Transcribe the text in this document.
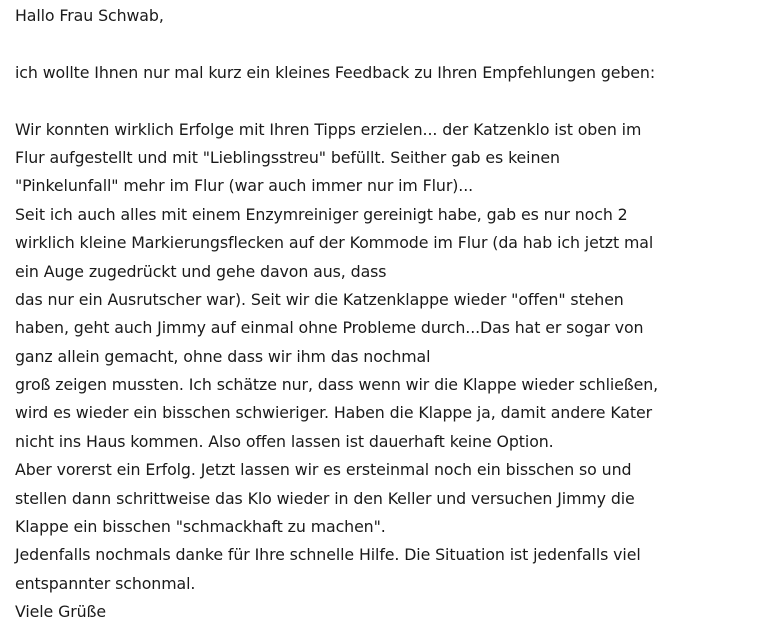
Hallo Frau Schwab,
ich wollte Ihnen nur mal kurz ein kleines Feedback zu Ihren Empfehlungen geben:
Wir konnten wirklich Erfolge mit Ihren Tipps erzielen... der Katzenklo ist oben im
Flur aufgestellt und mit "Lieblingsstreu" befüllt. Seither gab es keinen
"Pinkelunfall" mehr im Flur (war auch immer nur im Flur)...
Seit ich auch alles mit einem Enzymreiniger gereinigt habe, gab es nur noch 2
wirklich kleine Markierungsflecken auf der Kommode im Flur (da hab ich jetzt mal
ein Auge zugedrückt und gehe davon aus, dass
das nur ein Ausrutscher war). Seit wir die Katzenklappe wieder "offen" stehen
haben, geht auch Jimmy auf einmal ohne Probleme durch...Das hat er sogar von
ganz allein gemacht, ohne dass wir ihm das nochmal
groß zeigen mussten. Ich schätze nur, dass wenn wir die Klappe wieder schließen,
wird es wieder ein bisschen schwieriger. Haben die Klappe ja, damit andere Kater
nicht ins Haus kommen. Also offen lassen ist dauerhaft keine Option.
Aber vorerst ein Erfolg. Jetzt lassen wir es ersteinmal noch ein bisschen so und
stellen dann schrittweise das Klo wieder in den Keller und versuchen Jimmy die
Klappe ein bisschen "schmackhaft zu machen".
Jedenfalls nochmals danke für Ihre schnelle Hilfe. Die Situation ist jedenfalls viel
entspannter schonmal.
Viele Grüße
